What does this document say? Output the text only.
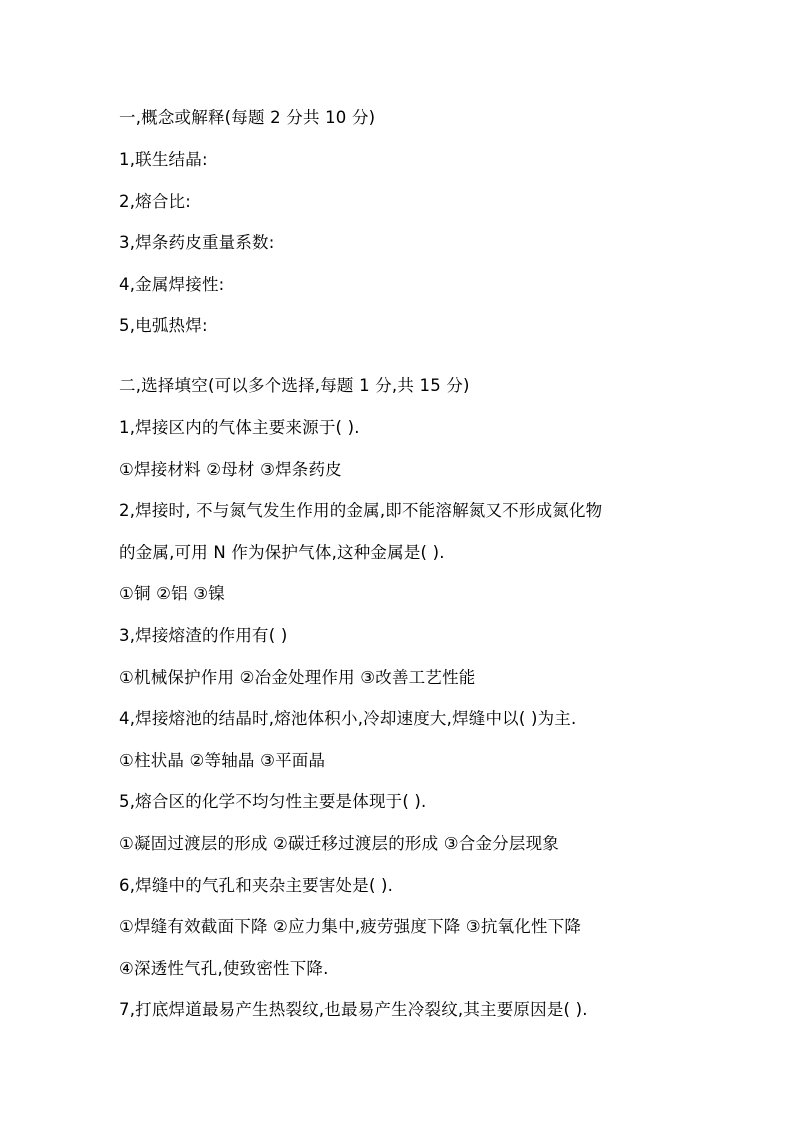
一,概念或解释(每题 2 分共 10 分)
1,联生结晶:
2,熔合比:
3,焊条药皮重量系数:
4,金属焊接性:
5,电弧热焊:
二,选择填空(可以多个选择,每题 1 分,共 15 分)
1,焊接区内的气体主要来源于( ).
①焊接材料 ②母材 ③焊条药皮
2,焊接时, 不与氮气发生作用的金属,即不能溶解氮又不形成氮化物
的金属,可用 N 作为保护气体,这种金属是( ).
①铜 ②铝 ③镍
3,焊接熔渣的作用有( )
①机械保护作用 ②冶金处理作用 ③改善工艺性能
4,焊接熔池的结晶时,熔池体积小,冷却速度大,焊缝中以( )为主.
①柱状晶 ②等轴晶 ③平面晶
5,熔合区的化学不均匀性主要是体现于( ).
①凝固过渡层的形成 ②碳迁移过渡层的形成 ③合金分层现象
6,焊缝中的气孔和夹杂主要害处是( ).
①焊缝有效截面下降 ②应力集中,疲劳强度下降 ③抗氧化性下降
④深透性气孔,使致密性下降.
7,打底焊道最易产生热裂纹,也最易产生冷裂纹,其主要原因是( ).
